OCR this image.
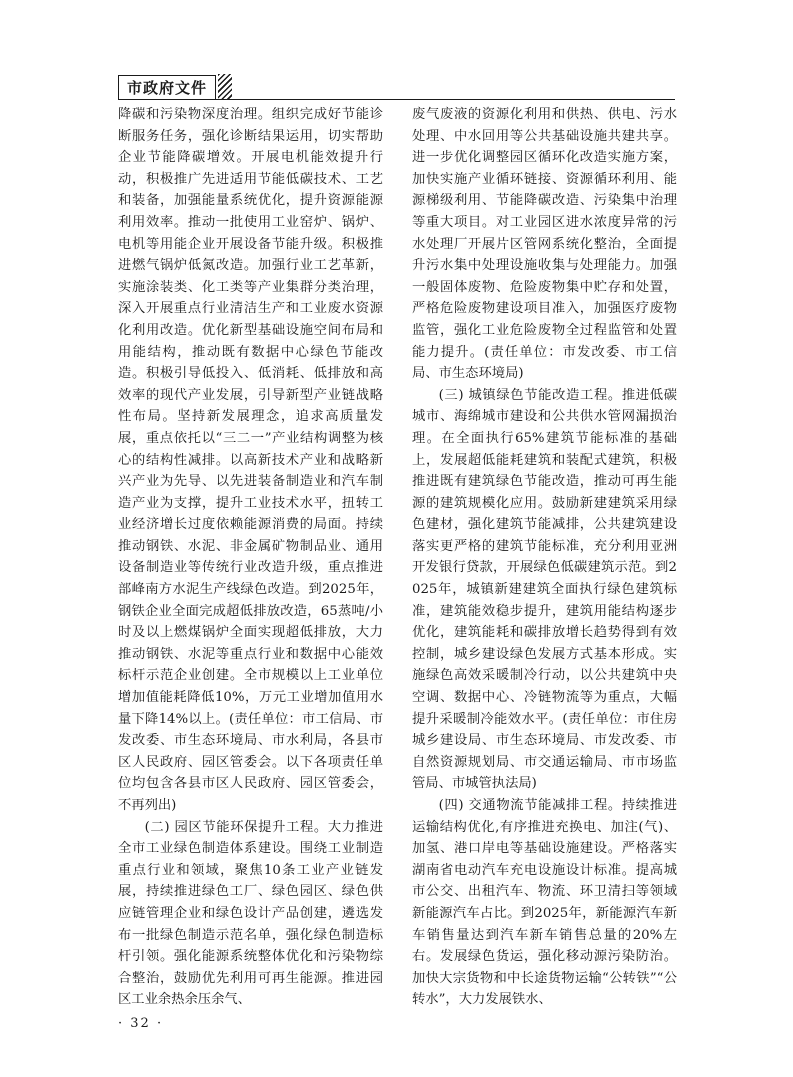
市政府文件

降碳和污染物深度治理。组织完成好节能诊断服务任务，强化诊断结果运用，切实帮助企业节能降碳增效。开展电机能效提升行动，积极推广先进适用节能低碳技术、工艺和装备，加强能量系统优化，提升资源能源利用效率。推动一批使用工业窑炉、锅炉、电机等用能企业开展设备节能升级。积极推进燃气锅炉低氮改造。加强行业工艺革新，实施涂装类、化工类等产业集群分类治理，深入开展重点行业清洁生产和工业废水资源化利用改造。优化新型基础设施空间布局和用能结构，推动既有数据中心绿色节能改造。积极引导低投入、低消耗、低排放和高效率的现代产业发展，引导新型产业链战略性布局。坚持新发展理念，追求高质量发展，重点依托以“三二一”产业结构调整为核心的结构性减排。以高新技术产业和战略新兴产业为先导、以先进装备制造业和汽车制造产业为支撑，提升工业技术水平，扭转工业经济增长过度依赖能源消费的局面。持续推动钢铁、水泥、非金属矿物制品业、通用设备制造业等传统行业改造升级，重点推进部峰南方水泥生产线绿色改造。到2025年，钢铁企业全面完成超低排放改造，65蒸吨/小时及以上燃煤锅炉全面实现超低排放，大力推动钢铁、水泥等重点行业和数据中心能效标杆示范企业创建。全市规模以上工业单位增加值能耗降低10%，万元工业增加值用水量下降14%以上。(责任单位：市工信局、市发改委、市生态环境局、市水利局，各县市区人民政府、园区管委会。以下各项责任单位均包含各县市区人民政府、园区管委会，不再列出)

(二) 园区节能环保提升工程。大力推进全市工业绿色制造体系建设。围绕工业制造重点行业和领域，聚焦10条工业产业链发展，持续推进绿色工厂、绿色园区、绿色供应链管理企业和绿色设计产品创建，遴选发布一批绿色制造示范名单，强化绿色制造标杆引领。强化能源系统整体优化和污染物综合整治，鼓励优先利用可再生能源。推进园区工业余热余压余气、

废气废液的资源化利用和供热、供电、污水处理、中水回用等公共基础设施共建共享。进一步优化调整园区循环化改造实施方案，加快实施产业循环链接、资源循环利用、能源梯级利用、节能降碳改造、污染集中治理等重大项目。对工业园区进水浓度异常的污水处理厂开展片区管网系统化整治，全面提升污水集中处理设施收集与处理能力。加强一般固体废物、危险废物集中贮存和处置，严格危险废物建设项目准入，加强医疗废物监管，强化工业危险废物全过程监管和处置能力提升。(责任单位：市发改委、市工信局、市生态环境局)

(三) 城镇绿色节能改造工程。推进低碳城市、海绵城市建设和公共供水管网漏损治理。在全面执行65%建筑节能标准的基础上，发展超低能耗建筑和装配式建筑，积极推进既有建筑绿色节能改造，推动可再生能源的建筑规模化应用。鼓励新建建筑采用绿色建材，强化建筑节能减排，公共建筑建设落实更严格的建筑节能标准，充分利用亚洲开发银行贷款，开展绿色低碳建筑示范。到2025年，城镇新建建筑全面执行绿色建筑标准，建筑能效稳步提升，建筑用能结构逐步优化，建筑能耗和碳排放增长趋势得到有效控制，城乡建设绿色发展方式基本形成。实施绿色高效采暖制冷行动，以公共建筑中央空调、数据中心、冷链物流等为重点，大幅提升采暖制冷能效水平。(责任单位：市住房城乡建设局、市生态环境局、市发改委、市自然资源规划局、市交通运输局、市市场监管局、市城管执法局)

(四) 交通物流节能减排工程。持续推进运输结构优化,有序推进充换电、加注(气)、加氢、港口岸电等基础设施建设。严格落实湖南省电动汽车充电设施设计标准。提高城市公交、出租汽车、物流、环卫清扫等领域新能源汽车占比。到2025年，新能源汽车新车销售量达到汽车新车销售总量的20%左右。发展绿色货运，强化移动源污染防治。加快大宗货物和中长途货物运输“公转铁”“公转水”，大力发展铁水、

· 32 ·
